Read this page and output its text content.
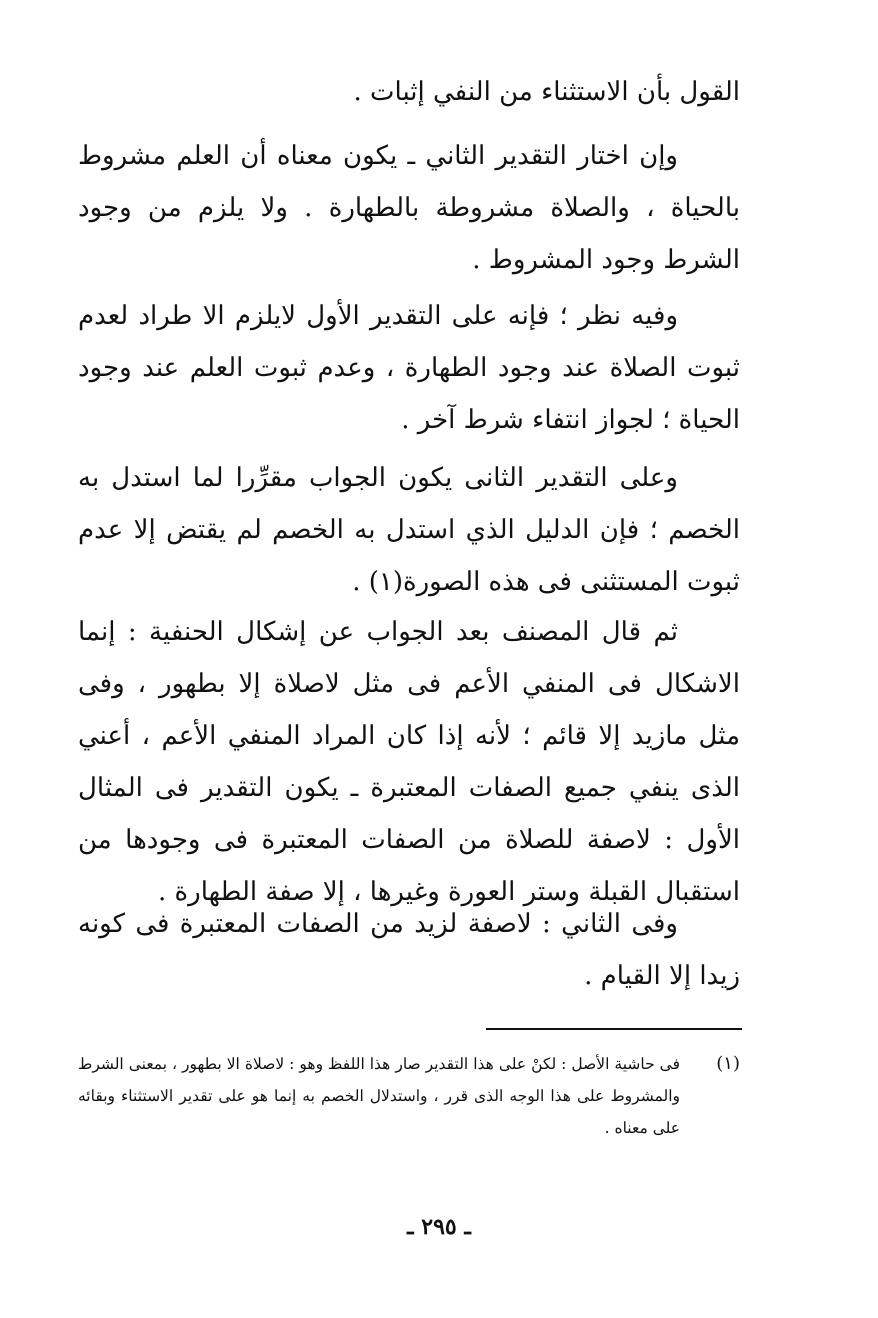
القول بأن الاستثناء من النفي إثبات .

وإن اختار التقدير الثاني ـ يكون معناه أن العلم مشروط بالحياة ، والصلاة مشروطة بالطهارة . ولا يلزم من وجود الشرط وجود المشروط .

وفيه نظر ؛ فإنه على التقدير الأول لايلزم الا طراد لعدم ثبوت الصلاة عند وجود الطهارة ، وعدم ثبوت العلم عند وجود الحياة ؛ لجواز انتفاء شرط آخر .

وعلى التقدير الثانى يكون الجواب مقرِّرا لما استدل به الخصم ؛ فإن الدليل الذي استدل به الخصم لم يقتض إلا عدم ثبوت المستثنى فى هذه الصورة(١) .

ثم قال المصنف بعد الجواب عن إشكال الحنفية : إنما الاشكال فى المنفي الأعم فى مثل لاصلاة إلا بطهور ، وفى مثل مازيد إلا قائم ؛ لأنه إذا كان المراد المنفي الأعم ، أعني الذى ينفي جميع الصفات المعتبرة ـ يكون التقدير فى المثال الأول : لاصفة للصلاة من الصفات المعتبرة فى وجودها من استقبال القبلة وستر العورة وغيرها ، إلا صفة الطهارة .

وفى الثاني : لاصفة لزيد من الصفات المعتبرة فى كونه زيدا إلا القيام .

(١)
فى حاشية الأصل : لكنْ على هذا التقدير صار هذا اللفظ وهو : لاصلاة الا بطهور ، بمعنى الشرط والمشروط على هذا الوجه الذى قرر ، واستدلال الخصم به إنما هو على تقدير الاستثناء وبقائه على معناه .
ـ ٢٩٥ ـ
